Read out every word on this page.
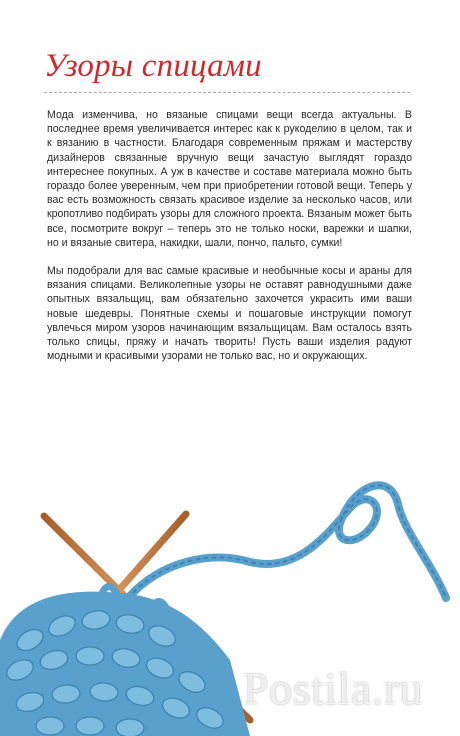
Узоры спицами

Мода изменчива, но вязаные спицами вещи всегда актуальны. В последнее время увеличивается интерес как к рукоделию в целом, так и к вязанию в частности. Благодаря современным пряжам и мастерству дизайнеров связанные вручную вещи зачастую выглядят гораздо интереснее покупных. А уж в качестве и составе материала можно быть гораздо более уверенным, чем при приобретении готовой вещи. Теперь у вас есть возможность связать красивое изделие за несколько часов, или кропотливо подбирать узоры для сложного проекта. Вязаным может быть все, посмотрите вокруг – теперь это не только носки, варежки и шапки, но и вязаные свитера, накидки, шали, пончо, пальто, сумки!

Мы подобрали для вас самые красивые и необычные косы и араны для вязания спицами. Великолепные узоры не оставят равнодушными даже опытных вязальщиц, вам обязательно захочется украсить ими ваши новые шедевры. Понятные схемы и пошаговые инструкции помогут увлечься миром узоров начинающим вязальщицам. Вам осталось взять только спицы, пряжу и начать творить! Пусть ваши изделия радуют модными и красивыми узорами не только вас, но и окружающих.

Postila.ru
